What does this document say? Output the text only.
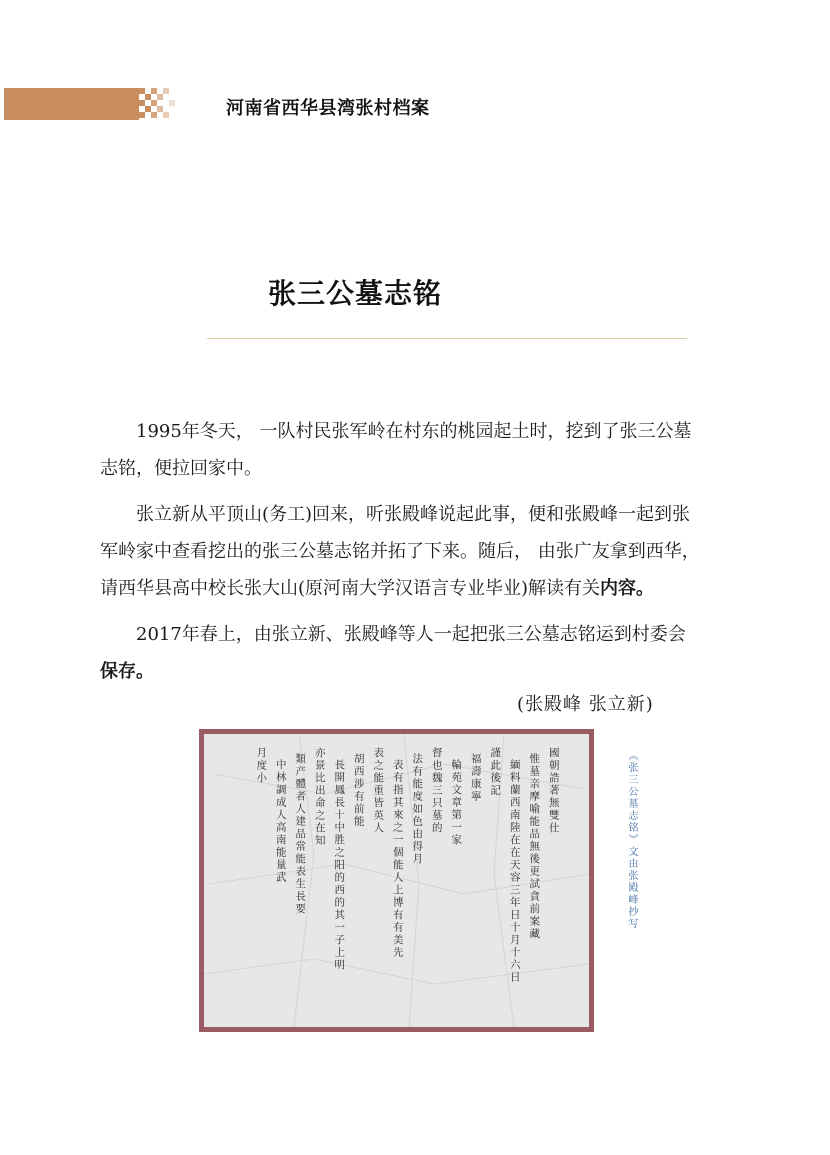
河南省西华县湾张村档案
张三公墓志铭

1995年冬天， 一队村民张军岭在村东的桃园起土时，挖到了张三公墓志铭，便拉回家中。

张立新从平顶山(务工)回来，听张殿峰说起此事，便和张殿峰一起到张军岭家中查看挖出的张三公墓志铭并拓了下来。随后， 由张广友拿到西华，请西华县高中校长张大山(原河南大学汉语言专业毕业)解读有关内容。

2017年春上，由张立新、张殿峰等人一起把张三公墓志铭运到村委会保存。

(张殿峰 张立新)
國朝誥著無雙仕
惟墓亲摩喻能品無後更試貪前案藏
緬料蘭西南陸在在天容三年日十月十六日
謹此後記
福壽康寧
輪苑文章第一家
督也魏三只墓的
法有能度如色由得月
表有指其來之一個能人上博有有美先
表之能重皆英人
胡西涉有前能
長開鳳長十中胜之阳的西的其一子上明
亦景比出命之在知
類产體者人建品常能表生長要
中林調成人高南能量武
月度小	《张三公墓志铭》文由张殿峰抄写
